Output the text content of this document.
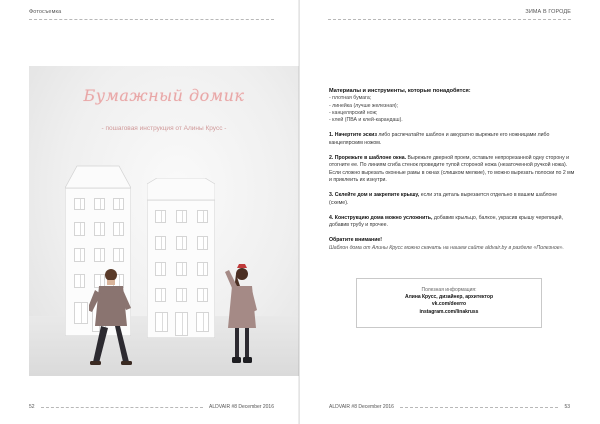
Фотосъемка
Бумажный домик
- пошаговая инструкция от Алины Крусс -
52	ALDVAIR #8 December 2016
ЗИМА В ГОРОДЕ
Материалы и инструменты, которые понадобятся:
- плотная бумага;
- линейка (лучше железная);
- канцелярский нож;
- клей (ПВА и клей-карандаш).

1. Начертите эскиз либо распечатайте шаблон и аккуратно вырежьте его ножницами либо канцелярским ножом.

2. Прорежьте в шаблоне окна. Вырежьте дверной проем, оставьте непрорезанной одну сторону и отогните ее. По линиям сгиба стенок проведите тупой стороной ножа (незаточенной ручкой ножа). Если сложно вырезать оконные рамы в окнах (слишком мелкие), то можно вырезать полоски по 2 мм и приклеить их изнутри.

3. Склейте дом и закрепите крышу, если эта деталь вырезается отдельно в вашем шаблоне (схеме).

4. Конструкцию дома можно усложнить, добавив крыльцо, балкон, украсив крышу черепицей, добавив трубу и прочее.

Обратите внимание!
Шаблон дома от Алины Крусс можно скачать на нашем сайте aldvair.by в разделе «Полезное».
Полезная информация:
Алина Крусс, дизайнер, архитектор
vk.com/deerro
instagram.com/linakruss
ALDVAIR #8 December 2016	53
